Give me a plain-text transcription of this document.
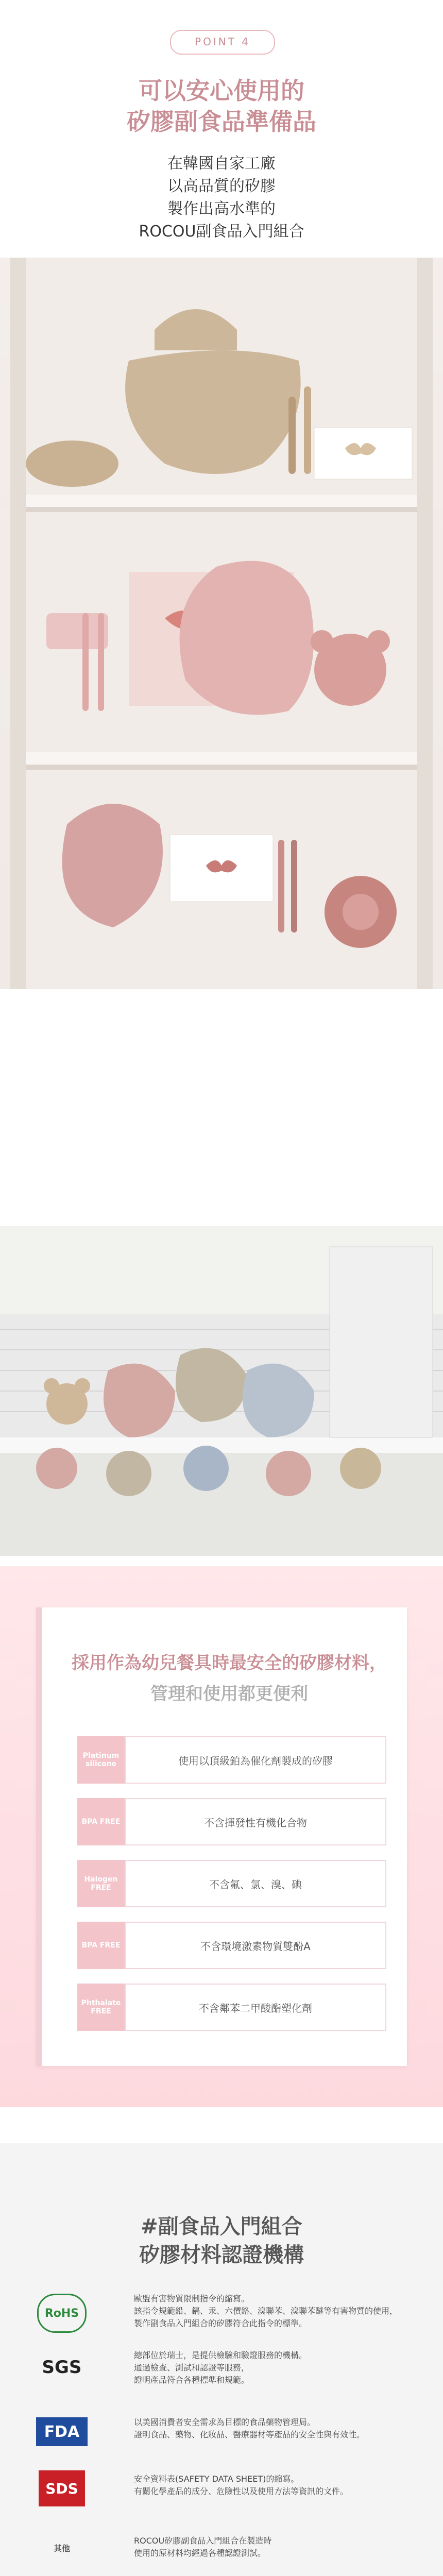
POINT 4
可以安心使用的
矽膠副食品準備品
在韓國自家工廠
以高品質的矽膠
製作出高水準的
ROCOU副食品入門組合
採用作為幼兒餐具時最安全的矽膠材料，
管理和使用都更便利
Platinum silicone	使用以頂級鉑為催化劑製成的矽膠
BPA FREE	不含揮發性有機化合物
Halogen FREE	不含氟、氯、溴、碘
BPA FREE	不含環境激素物質雙酚A
Phthalate FREE	不含鄰苯二甲酸酯塑化劑
#副食品入門組合
矽膠材料認證機構
RoHS
歐盟有害物質限制指令的縮寫。
該指令規範鉛、鎘、汞、六價鉻、溴聯苯、溴聯苯醚等有害物質的使用，
製作副食品入門組合的矽膠符合此指令的標準。
SGS
總部位於瑞士，是提供檢驗和驗證服務的機構。
通過檢查、測試和認證等服務，
證明產品符合各種標準和規範。
FDA
以美國消費者安全需求為目標的食品藥物管理局。
證明食品、藥物、化妝品、醫療器材等產品的安全性與有效性。
SDS
安全資料表(SAFETY DATA SHEET)的縮寫。
有關化學產品的成分、危險性以及使用方法等資訊的文件。
其他
ROCOU矽膠副食品入門組合在製造時
使用的原材料均經過各種認證測試。
